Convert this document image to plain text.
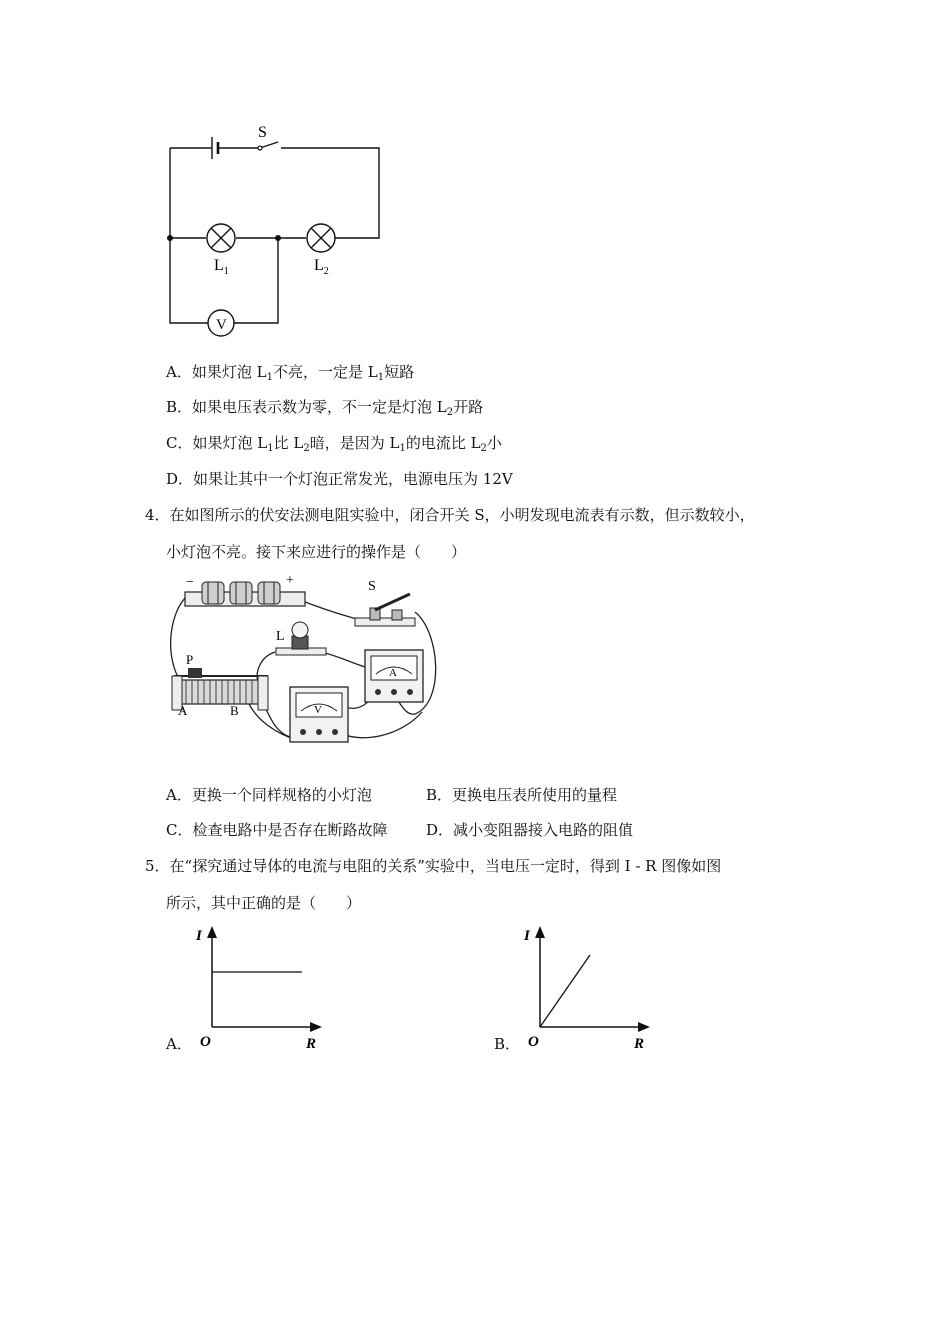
S
$L_1$	$L_2$
V
A．如果灯泡 $L_1$不亮，一定是 $L_1$短路
B．如果电压表示数为零，不一定是灯泡 $L_2$开路
C．如果灯泡 $L_1$比 $L_2$暗，是因为 $L_1$的电流比 $L_2$小
D．如果让其中一个灯泡正常发光，电源电压为 12V
4．在如图所示的伏安法测电阻实验中，闭合开关 S，小明发现电流表有示数，但示数较小，
小灯泡不亮。接下来应进行的操作是（　　）
−	+	S
L
P
A	B
A
V
A．更换一个同样规格的小灯泡	B．更换电压表所使用的量程
C．检查电路中是否存在断路故障	D．减小变阻器接入电路的阻值
5．在“探究通过导体的电流与电阻的关系”实验中，当电压一定时，得到 I - R 图像如图
所示，其中正确的是（　　）
A．
I
R
O	B．
I
R
O
